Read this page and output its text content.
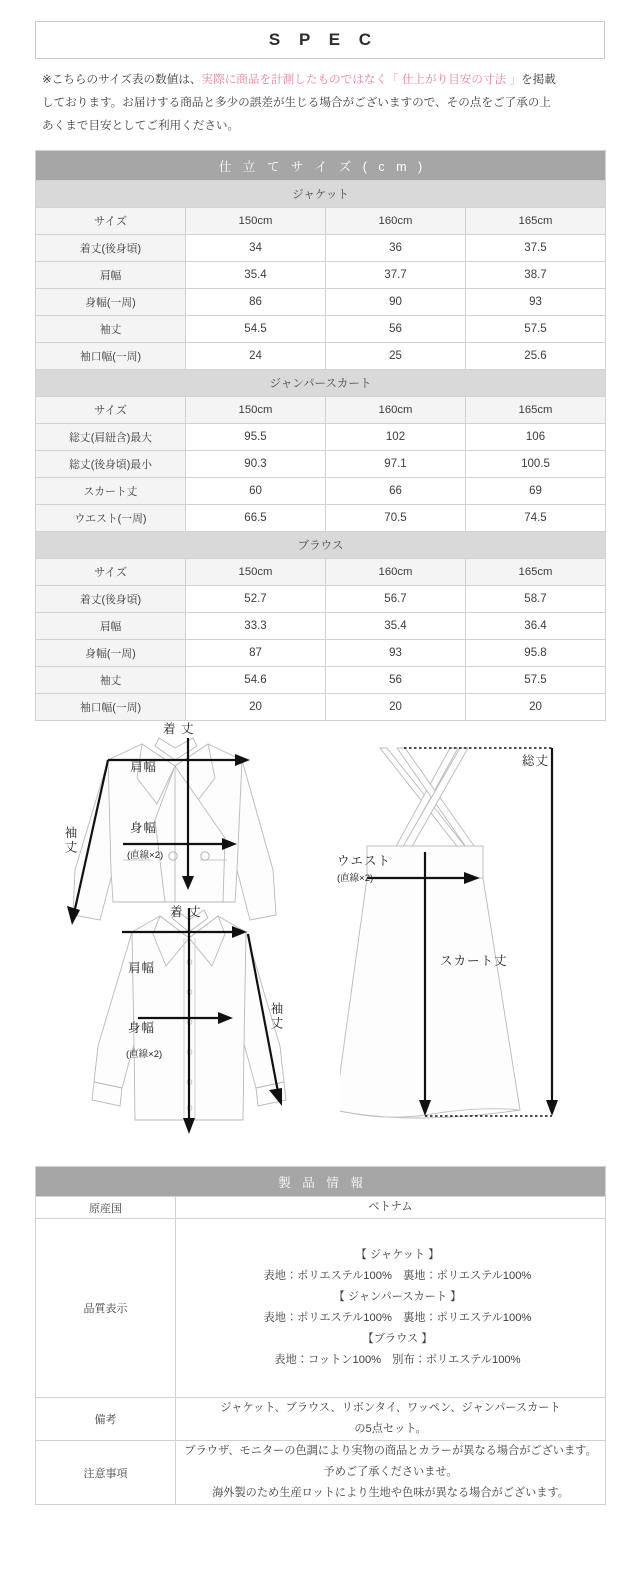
S P E C
※こちらのサイズ表の数値は、実際に商品を計測したものではなく「 仕上がり目安の寸法 」を掲載
しております。お届けする商品と多少の誤差が生じる場合がございますので、その点をご了承の上
あくまで目安としてご利用ください。
仕 立 て サ イ ズ ( c m )			
ジャケット			
サイズ	150cm	160cm	165cm
着丈(後身頃)	34	36	37.5
肩幅	35.4	37.7	38.7
身幅(一周)	86	90	93
袖丈	54.5	56	57.5
袖口幅(一周)	24	25	25.6
ジャンパースカート			
サイズ	150cm	160cm	165cm
総丈(肩紐含)最大	95.5	102	106
総丈(後身頃)最小	90.3	97.1	100.5
スカート丈	60	66	69
ウエスト(一周)	66.5	70.5	74.5
ブラウス			
サイズ	150cm	160cm	165cm
着丈(後身頃)	52.7	56.7	58.7
肩幅	33.3	35.4	36.4
身幅(一周)	87	93	95.8
袖丈	54.6	56	57.5
袖口幅(一周)	20	20	20
着 丈
肩幅
身幅
(直線×2)
袖丈
着 丈
肩幅
身幅
(直線×2)
袖丈
総丈
ウエスト
(直線×2)
スカート丈
製 品 情 報	
原産国	ベトナム

品質表示	
【 ジャケット 】
表地：ポリエステル100%　裏地：ポリエステル100%
【 ジャンパースカート 】
表地：ポリエステル100%　裏地：ポリエステル100%
【ブラウス 】
表地：コットン100%　別布：ポリエステル100%

備考	ジャケット、ブラウス、リボンタイ、ワッペン、ジャンパースカート
の5点セット。

注意事項	ブラウザ、モニターの色調により実物の商品とカラーが異なる場合がございます。
予めご了承くださいませ。
海外製のため生産ロットにより生地や色味が異なる場合がございます。
